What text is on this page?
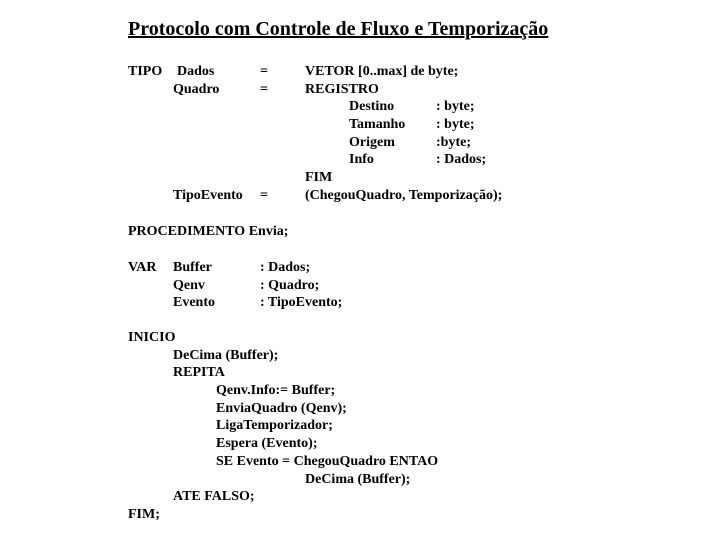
Protocolo com Controle de Fluxo e Temporização
TIPO Dados	=	VETOR [0..max] de byte;
Quadro	=	REGISTRO
Destino	: byte;
Tamanho : byte;
Origem	:byte;
Info	: Dados;
FIM
TipoEvento =	(ChegouQuadro, Temporização);
PROCEDIMENTO Envia;
VAR Buffer	: Dados;
Qenv	: Quadro;
Evento	: TipoEvento;
INICIO
DeCima (Buffer);
REPITA
Qenv.Info:= Buffer;
EnviaQuadro (Qenv);
LigaTemporizador;
Espera (Evento);
SE Evento = ChegouQuadro ENTAO
DeCima (Buffer);
ATE FALSO;
FIM;
